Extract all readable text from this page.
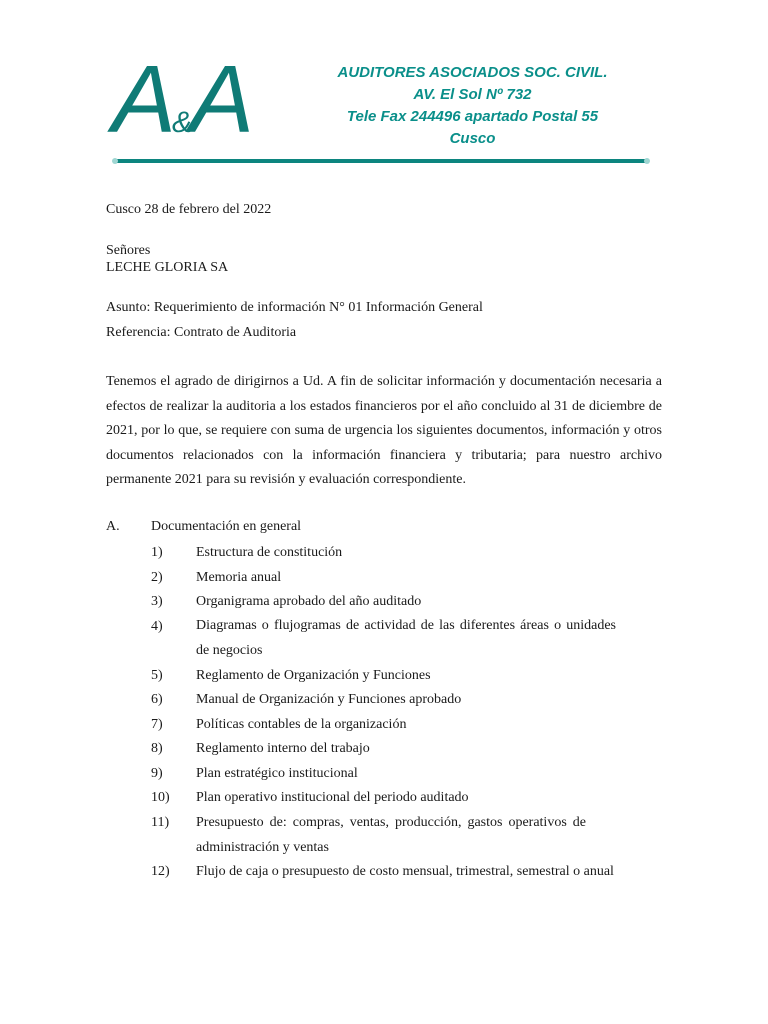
A&A	AUDITORES ASOCIADOS SOC. CIVIL.
AV. El Sol Nº 732
Tele Fax 244496 apartado Postal 55
Cusco
Cusco 28 de febrero del 2022
Señores
LECHE GLORIA SA
Asunto: Requerimiento de información N° 01 Información General
Referencia: Contrato de Auditoria
Tenemos el agrado de dirigirnos a Ud. A fin de solicitar información y documentación necesaria a
efectos de realizar la auditoria a los estados financieros por el año concluido al 31 de diciembre de
2021, por lo que, se requiere con suma de urgencia los siguientes documentos, información y otros
documentos relacionados con la información financiera y tributaria; para nuestro archivo
permanente 2021 para su revisión y evaluación correspondiente.
A. Documentación en general
1) Estructura de constitución
2) Memoria anual
3) Organigrama aprobado del año auditado
4) Diagramas o flujogramas de actividad de las diferentes áreas o unidades de negocios
5) Reglamento de Organización y Funciones
6) Manual de Organización y Funciones aprobado
7) Políticas contables de la organización
8) Reglamento interno del trabajo
9) Plan estratégico institucional
10) Plan operativo institucional del periodo auditado
11) Presupuesto de: compras, ventas, producción, gastos operativos de administración y ventas
12) Flujo de caja o presupuesto de costo mensual, trimestral, semestral o anual
